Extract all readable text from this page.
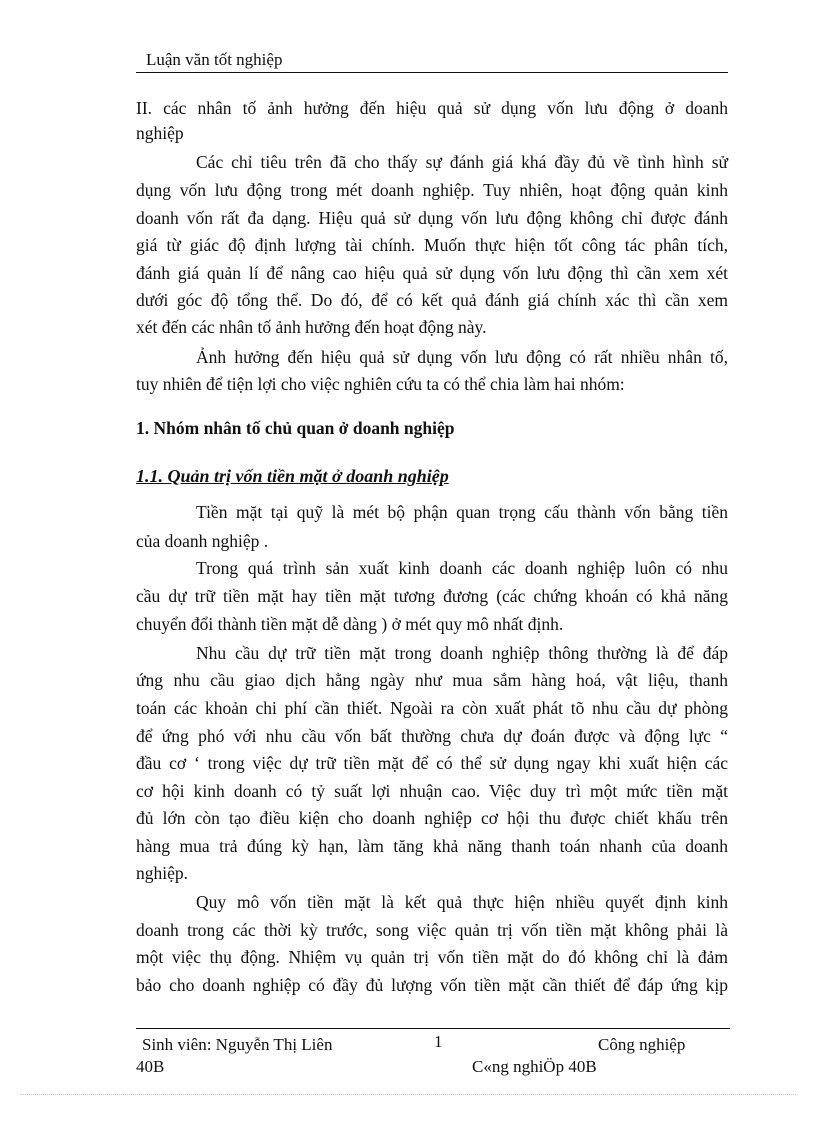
Luận văn tốt nghiệp
II. các nhân tố ảnh hưởng đến hiệu quả sử dụng vốn lưu động ở doanh
nghiệp
Các chỉ tiêu trên đã cho thấy sự đánh giá khá đầy đủ về tình hình sử
dụng vốn lưu động trong mét doanh nghiệp. Tuy nhiên, hoạt động quản kinh
doanh vốn rất đa dạng. Hiệu quả sử dụng vốn lưu động không chỉ được đánh
giá từ giác độ định lượng tài chính. Muốn thực hiện tốt công tác phân tích,
đánh giá quản lí để nâng cao hiệu quả sử dụng vốn lưu động thì cần xem xét
dưới góc độ tổng thể. Do đó, để có kết quả đánh giá chính xác thì cần xem
xét đến các nhân tố ảnh hưởng đến hoạt động này.
Ảnh hưởng đến hiệu quả sử dụng vốn lưu động có rất nhiều nhân tố,
tuy nhiên để tiện lợi cho việc nghiên cứu ta có thể chia làm hai nhóm:
1. Nhóm nhân tố chủ quan ở doanh nghiệp
1.1. Quản trị vốn tiền mặt ở doanh nghiệp
Tiền mặt tại quỹ là mét bộ phận quan trọng cấu thành vốn bằng tiền
của doanh nghiệp .
Trong quá trình sản xuất kinh doanh các doanh nghiệp luôn có nhu
cầu dự trữ tiền mặt hay tiền mặt tương đương (các chứng khoán có khả năng
chuyển đổi thành tiền mặt dễ dàng ) ở mét quy mô nhất định.
Nhu cầu dự trữ tiền mặt trong doanh nghiệp thông thường là để đáp
ứng nhu cầu giao dịch hằng ngày như mua sắm hàng hoá, vật liệu, thanh
toán các khoản chi phí cần thiết. Ngoài ra còn xuất phát tõ nhu cầu dự phòng
để ứng phó với nhu cầu vốn bất thường chưa dự đoán được và động lực “
đầu cơ ‘ trong việc dự trữ tiền mặt để có thể sử dụng ngay khi xuất hiện các
cơ hội kinh doanh có tỷ suất lợi nhuận cao. Việc duy trì một mức tiền mặt
đủ lớn còn tạo điều kiện cho doanh nghiệp cơ hội thu được chiết khấu trên
hàng mua trả đúng kỳ hạn, làm tăng khả năng thanh toán nhanh của doanh
nghiệp.
Quy mô vốn tiền mặt là kết quả thực hiện nhiều quyết định kinh
doanh trong các thời kỳ trước, song việc quản trị vốn tiền mặt không phải là
một việc thụ động. Nhiệm vụ quản trị vốn tiền mặt do đó không chỉ là đảm
bảo cho doanh nghiệp có đầy đủ lượng vốn tiền mặt cần thiết để đáp ứng kịp
Sinh viên: Nguyễn Thị Liên
40B
1	Công nghiệp
C«ng nghiÖp 40B
